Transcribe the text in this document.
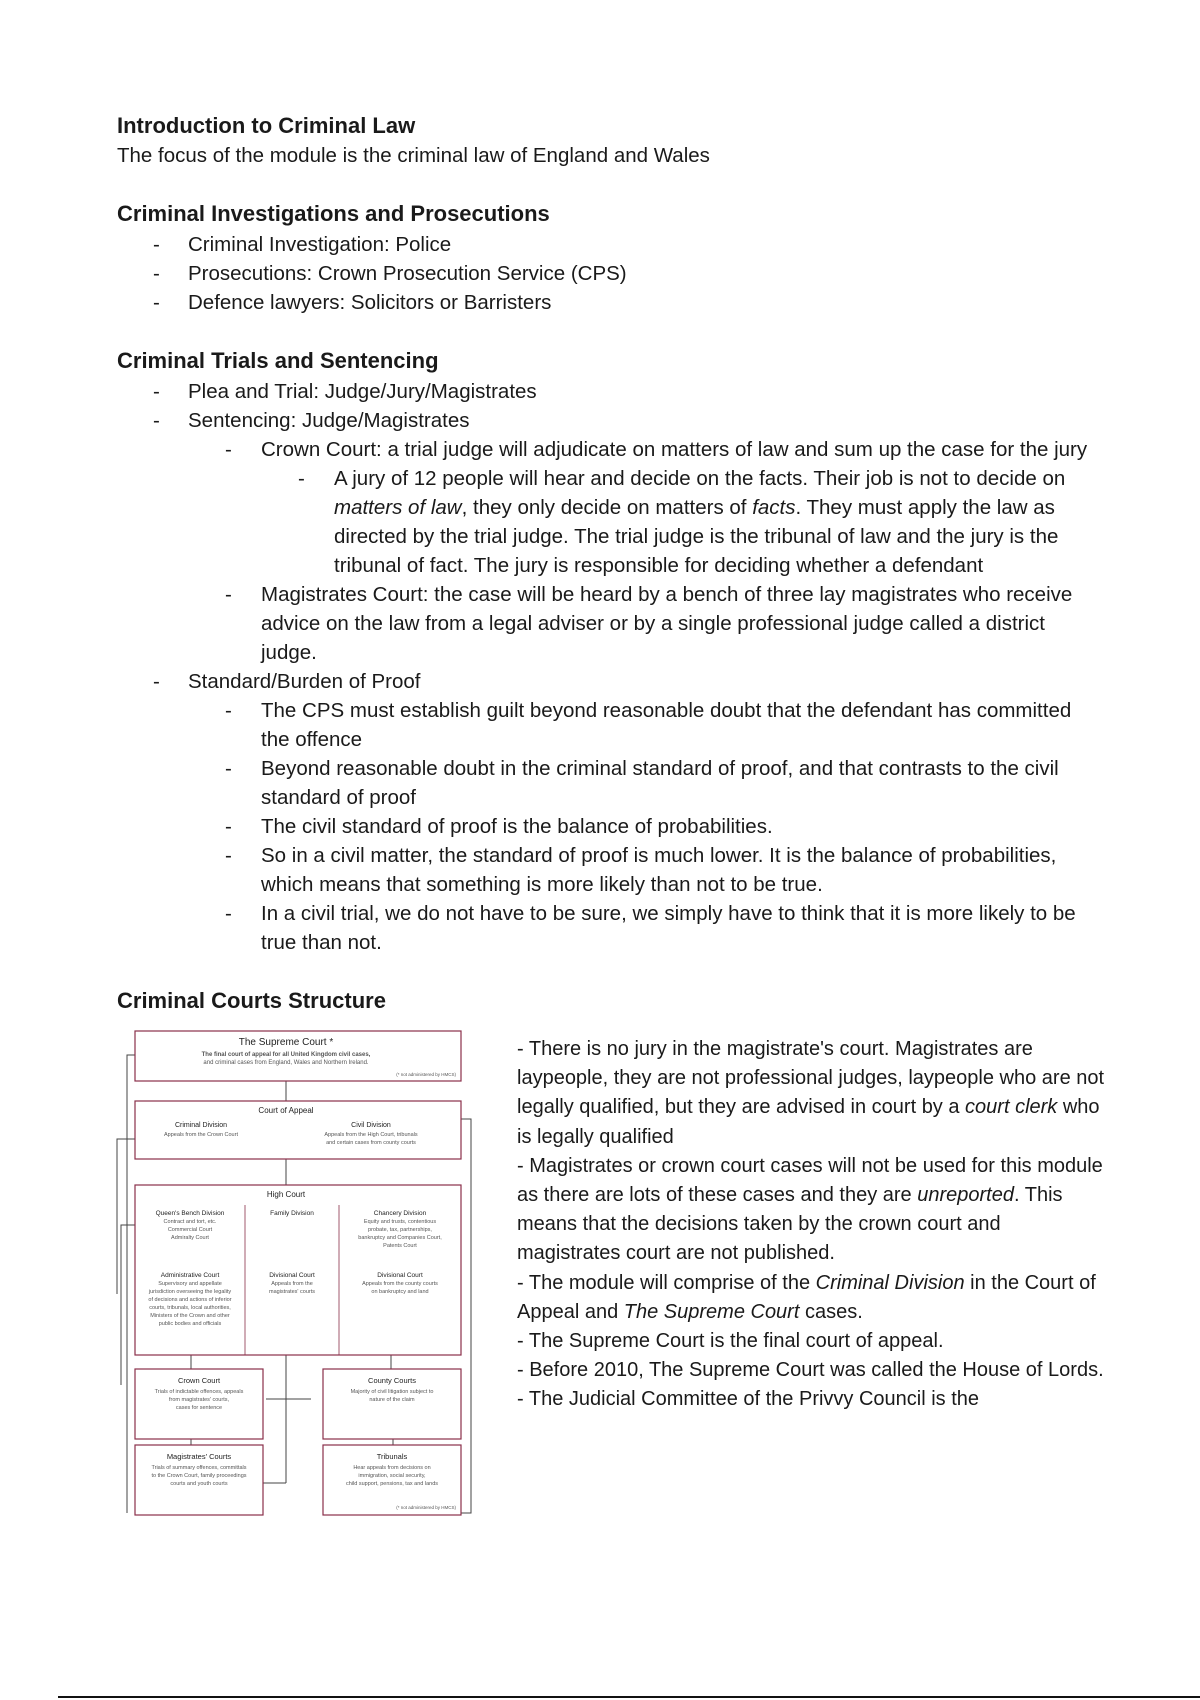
Introduction to Criminal Law

The focus of the module is the criminal law of England and Wales

Criminal Investigations and Prosecutions
-	Criminal Investigation: Police
-	Prosecutions: Crown Prosecution Service (CPS)
-	Defence lawyers: Solicitors or Barristers
Criminal Trials and Sentencing
-	Plea and Trial: Judge/Jury/Magistrates
-	Sentencing: Judge/Magistrates
-	Crown Court: a trial judge will adjudicate on matters of law and sum up the case for the jury
-	A jury of 12 people will hear and decide on the facts. Their job is not to decide on matters of law, they only decide on matters of facts. They must apply the law as directed by the trial judge. The trial judge is the tribunal of law and the jury is the tribunal of fact. The jury is responsible for deciding whether a defendant
-	Magistrates Court: the case will be heard by a bench of three lay magistrates who receive advice on the law from a legal adviser or by a single professional judge called a district judge.
-	Standard/Burden of Proof
-	The CPS must establish guilt beyond reasonable doubt that the defendant has committed the offence
-	Beyond reasonable doubt in the criminal standard of proof, and that contrasts to the civil standard of proof
-	The civil standard of proof is the balance of probabilities.
-	So in a civil matter, the standard of proof is much lower. It is the balance of probabilities, which means that something is more likely than not to be true.
-	In a civil trial, we do not have to be sure, we simply have to think that it is more likely to be true than not.
Criminal Courts Structure
The Supreme Court *
The final court of appeal for all United Kingdom civil cases,
and criminal cases from England, Wales and Northern Ireland.
(* not administered by HMCS)
Court of Appeal
Criminal Division
Appeals from the Crown Court
Civil Division
Appeals from the High Court, tribunals
and certain cases from county courts
High Court
Queen's Bench Division
Contract and tort, etc.
Commercial Court
Admiralty Court
Family Division	Chancery Division
Equity and trusts, contentious
probate, tax, partnerships,
bankruptcy and Companies Court,
Patents Court
Administrative Court
Supervisory and appellate
jurisdiction overseeing the legality
of decisions and actions of inferior
courts, tribunals, local authorities,
Ministers of the Crown and other
public bodies and officials
Divisional Court
Appeals from the
magistrates' courts
Divisional Court
Appeals from the county courts
on bankruptcy and land
Crown Court
Trials of indictable offences, appeals
from magistrates' courts,
cases for sentence
County Courts
Majority of civil litigation subject to
nature of the claim
Magistrates' Courts
Trials of summary offences, committals
to the Crown Court, family proceedings
courts and youth courts
Tribunals
Hear appeals from decisions on
immigration, social security,
child support, pensions, tax and lands
(* not administered by HMCS)

- There is no jury in the magistrate's court. Magistrates are laypeople, they are not professional judges, laypeople who are not legally qualified, but they are advised in court by a court clerk who is legally qualified

- Magistrates or crown court cases will not be used for this module as there are lots of these cases and they are unreported. This means that the decisions taken by the crown court and magistrates court are not published.

- The module will comprise of the Criminal Division in the Court of Appeal and The Supreme Court cases.

- The Supreme Court is the final court of appeal.

- Before 2010, The Supreme Court was called the House of Lords.

- The Judicial Committee of the Privvy Council is the
